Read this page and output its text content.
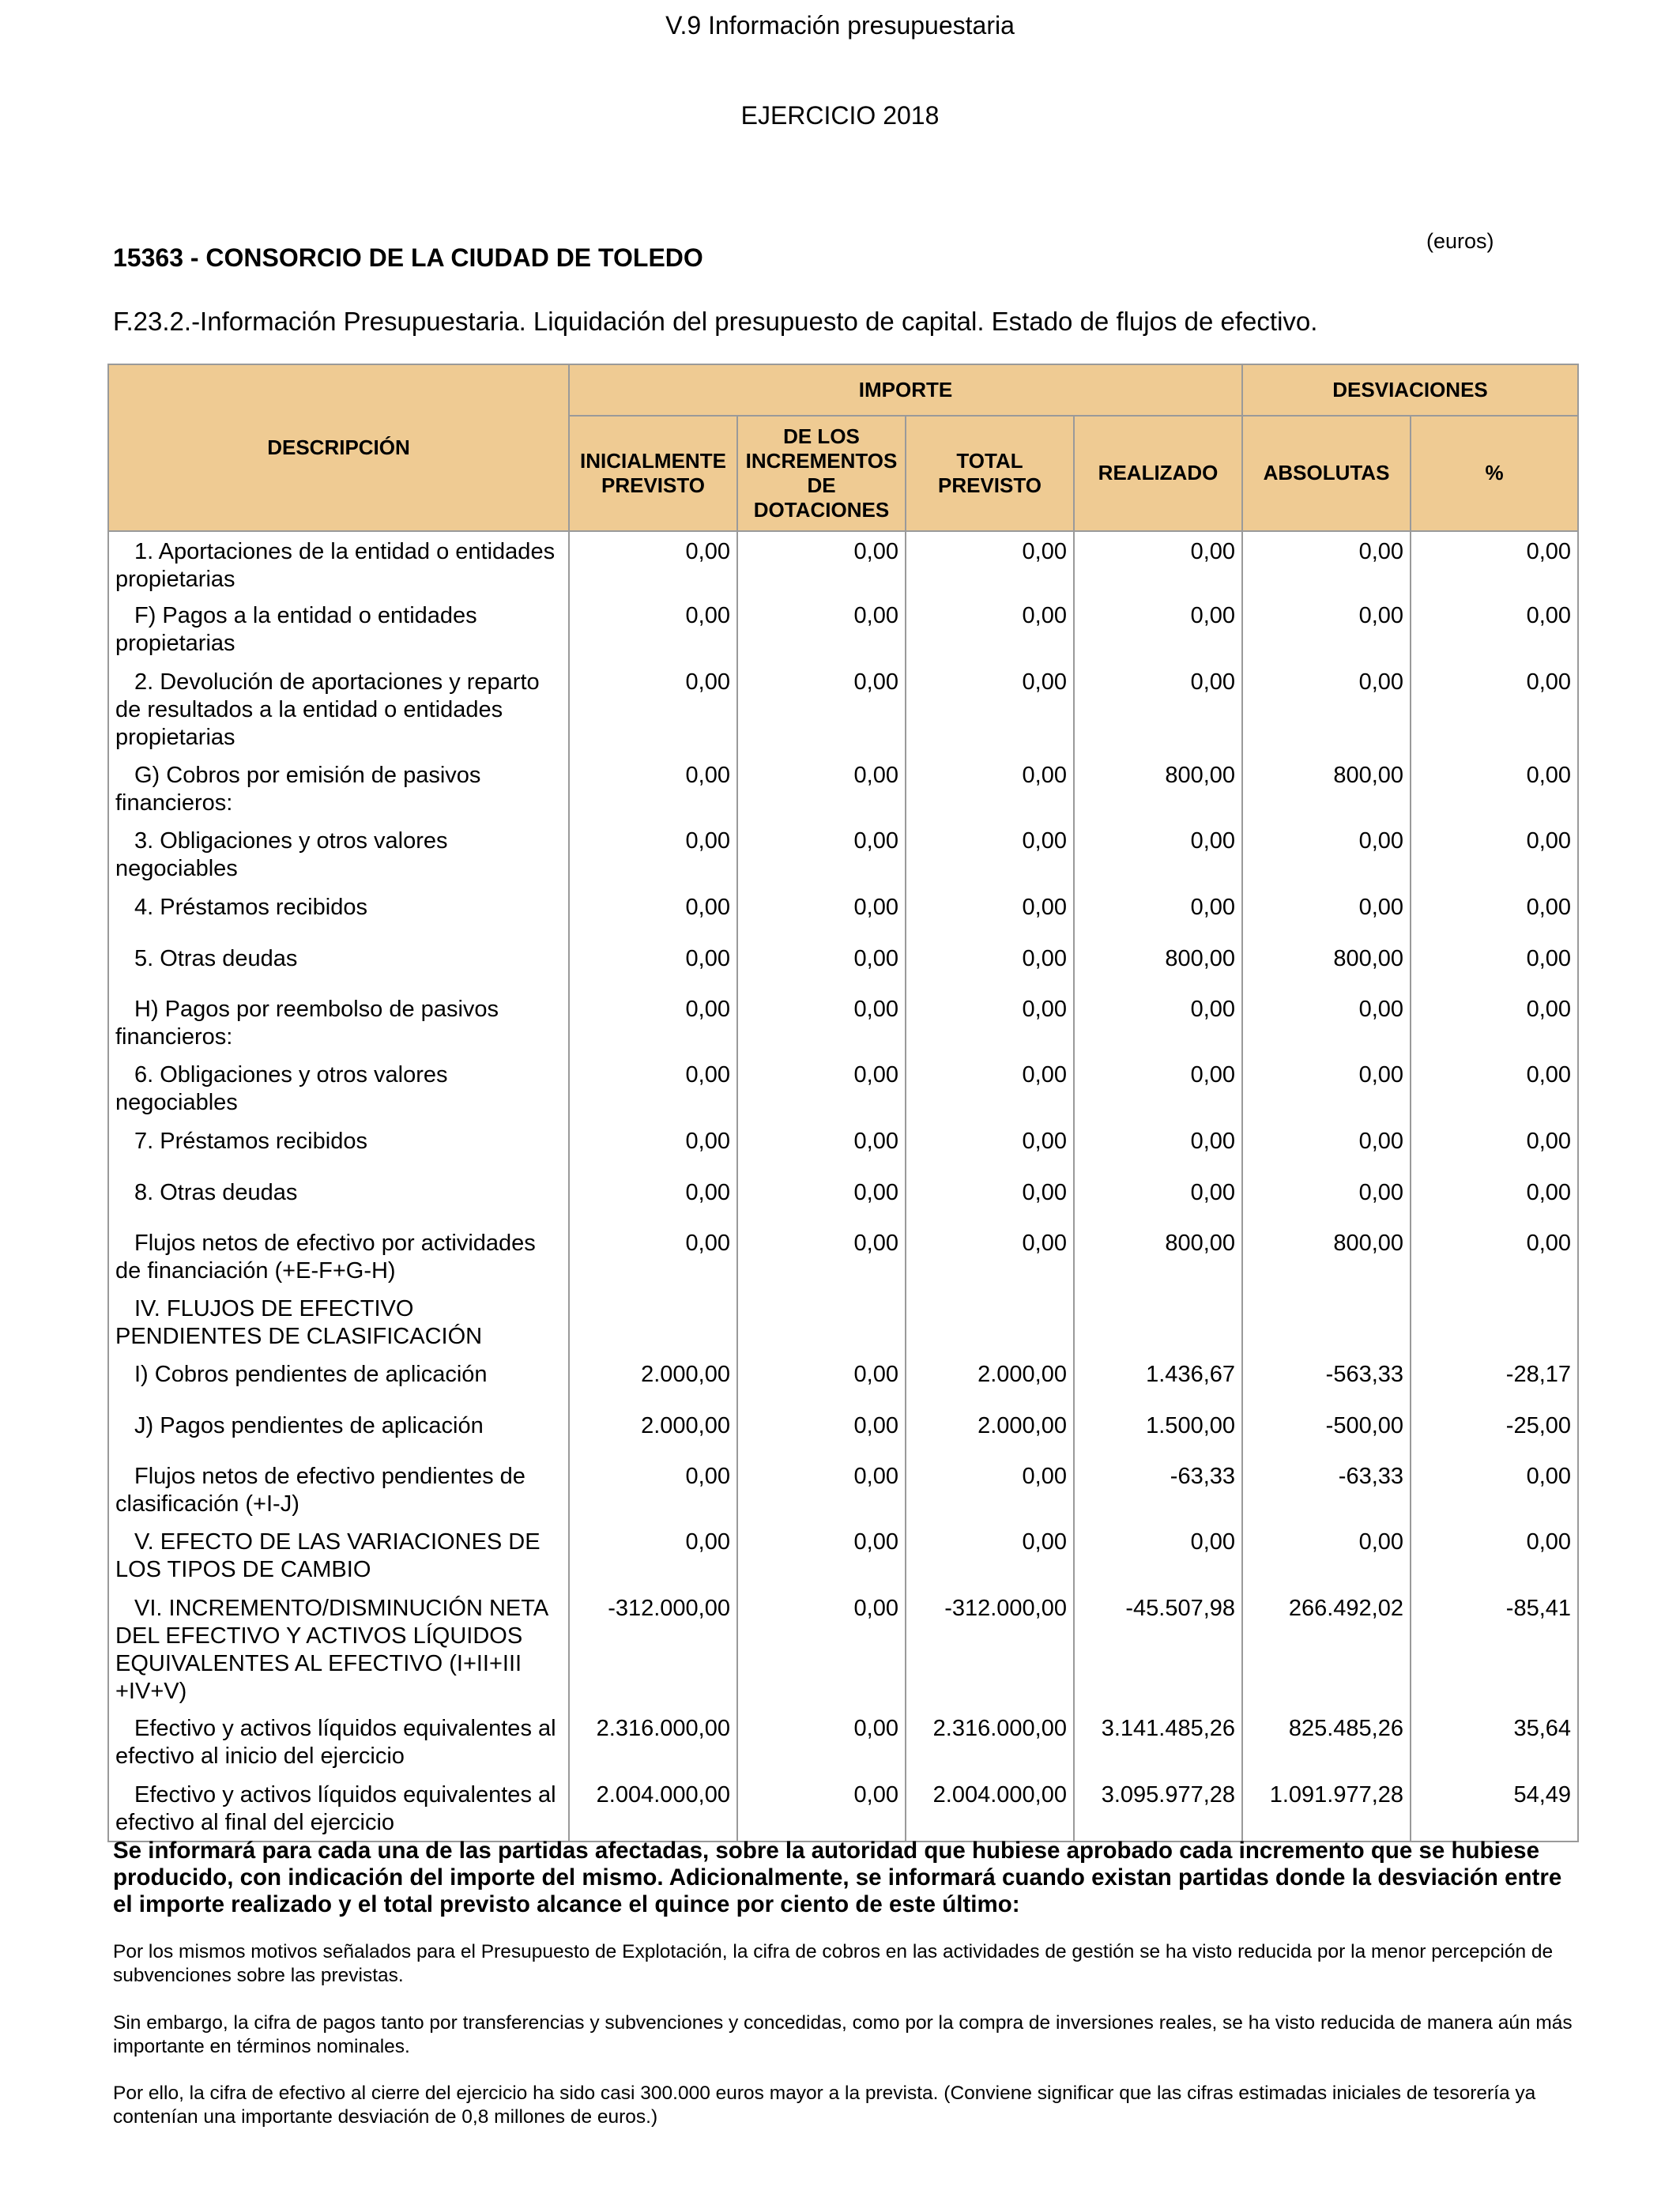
V.9 Información presupuestaria
EJERCICIO 2018
15363 - CONSORCIO DE LA CIUDAD DE TOLEDO
(euros)
F.23.2.-Información Presupuestaria. Liquidación del presupuesto de capital. Estado de flujos de efectivo.
DESCRIPCIÓN	IMPORTE				DESVIACIONES	
	INICIALMENTE PREVISTO	DE LOS INCREMENTOS DE DOTACIONES	TOTAL PREVISTO	REALIZADO	ABSOLUTAS	%
1. Aportaciones de la entidad o entidades propietarias	0,00	0,00	0,00	0,00	0,00	0,00
F) Pagos a la entidad o entidades propietarias	0,00	0,00	0,00	0,00	0,00	0,00
2. Devolución de aportaciones y reparto de resultados a la entidad o entidades propietarias	0,00	0,00	0,00	0,00	0,00	0,00
G) Cobros por emisión de pasivos financieros:	0,00	0,00	0,00	800,00	800,00	0,00
3. Obligaciones y otros valores negociables	0,00	0,00	0,00	0,00	0,00	0,00
4. Préstamos recibidos	0,00	0,00	0,00	0,00	0,00	0,00
5. Otras deudas	0,00	0,00	0,00	800,00	800,00	0,00
H) Pagos por reembolso de pasivos financieros:	0,00	0,00	0,00	0,00	0,00	0,00
6. Obligaciones y otros valores negociables	0,00	0,00	0,00	0,00	0,00	0,00
7. Préstamos recibidos	0,00	0,00	0,00	0,00	0,00	0,00
8. Otras deudas	0,00	0,00	0,00	0,00	0,00	0,00
Flujos netos de efectivo por actividades de financiación (+E-F+G-H)	0,00	0,00	0,00	800,00	800,00	0,00
IV. FLUJOS DE EFECTIVO PENDIENTES DE CLASIFICACIÓN						
I) Cobros pendientes de aplicación	2.000,00	0,00	2.000,00	1.436,67	-563,33	-28,17
J) Pagos pendientes de aplicación	2.000,00	0,00	2.000,00	1.500,00	-500,00	-25,00
Flujos netos de efectivo pendientes de clasificación (+I-J)	0,00	0,00	0,00	-63,33	-63,33	0,00
V. EFECTO DE LAS VARIACIONES DE LOS TIPOS DE CAMBIO	0,00	0,00	0,00	0,00	0,00	0,00
VI. INCREMENTO/DISMINUCIÓN NETA DEL EFECTIVO Y ACTIVOS LÍQUIDOS EQUIVALENTES AL EFECTIVO (I+II+III +IV+V)	-312.000,00	0,00	-312.000,00	-45.507,98	266.492,02	-85,41
Efectivo y activos líquidos equivalentes al efectivo al inicio del ejercicio	2.316.000,00	0,00	2.316.000,00	3.141.485,26	825.485,26	35,64
Efectivo y activos líquidos equivalentes al efectivo al final del ejercicio	2.004.000,00	0,00	2.004.000,00	3.095.977,28	1.091.977,28	54,49
Se informará para cada una de las partidas afectadas, sobre la autoridad que hubiese aprobado cada incremento que se hubiese producido, con indicación del importe del mismo. Adicionalmente, se informará cuando existan partidas donde la desviación entre el importe realizado y el total previsto alcance el quince por ciento de este último:
Por los mismos motivos señalados para el Presupuesto de Explotación, la cifra de cobros en las actividades de gestión se ha visto reducida por la menor percepción de subvenciones sobre las previstas.
Sin embargo, la cifra de pagos tanto por transferencias y subvenciones y concedidas, como por la compra de inversiones reales, se ha visto reducida de manera aún más importante en términos nominales.
Por ello, la cifra de efectivo al cierre del ejercicio ha sido casi 300.000 euros mayor a la prevista. (Conviene significar que las cifras estimadas iniciales de tesorería ya contenían una importante desviación de 0,8 millones de euros.)
